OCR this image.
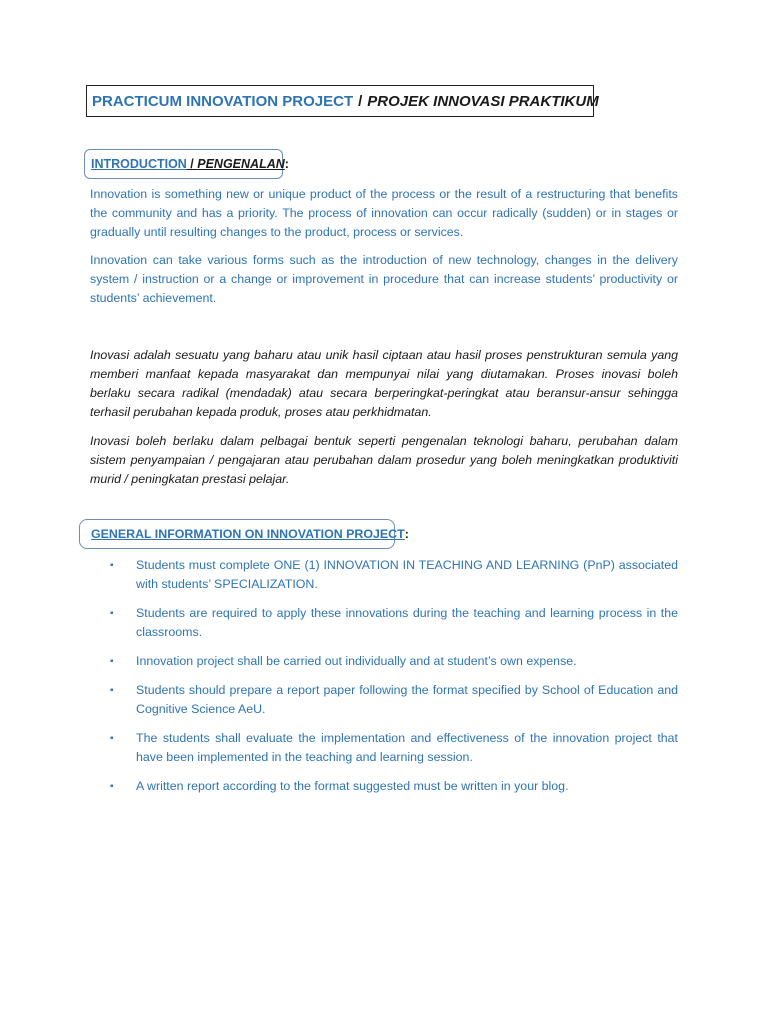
PRACTICUM INNOVATION PROJECT / PROJEK INNOVASI PRAKTIKUM
INTRODUCTION / PENGENALAN :

Innovation is something new or unique product of the process or the result of a restructuring that benefits the community and has a priority. The process of innovation can occur radically (sudden) or in stages or gradually until resulting changes to the product, process or services.

Innovation can take various forms such as the introduction of new technology, changes in the delivery system / instruction or a change or improvement in procedure that can increase students’ productivity or students’ achievement.

Inovasi adalah sesuatu yang baharu atau unik hasil ciptaan atau hasil proses penstrukturan semula yang memberi manfaat kepada masyarakat dan mempunyai nilai yang diutamakan. Proses inovasi boleh berlaku secara radikal (mendadak) atau secara berperingkat-peringkat atau beransur-ansur sehingga terhasil perubahan kepada produk, proses atau perkhidmatan.

Inovasi boleh berlaku dalam pelbagai bentuk seperti pengenalan teknologi baharu, perubahan dalam sistem penyampaian / pengajaran atau perubahan dalam prosedur yang boleh meningkatkan produktiviti murid / peningkatan prestasi pelajar.

GENERAL INFORMATION ON INNOVATION PROJECT :
▪ Students must complete ONE (1) INNOVATION IN TEACHING AND LEARNING (PnP) associated with students’ SPECIALIZATION.
▪ Students are required to apply these innovations during the teaching and learning process in the classrooms.
▪ Innovation project shall be carried out individually and at student’s own expense.
▪ Students should prepare a report paper following the format specified by School of Education and Cognitive Science AeU.
▪ The students shall evaluate the implementation and effectiveness of the innovation project that have been implemented in the teaching and learning session.
▪ A written report according to the format suggested must be written in your blog.
